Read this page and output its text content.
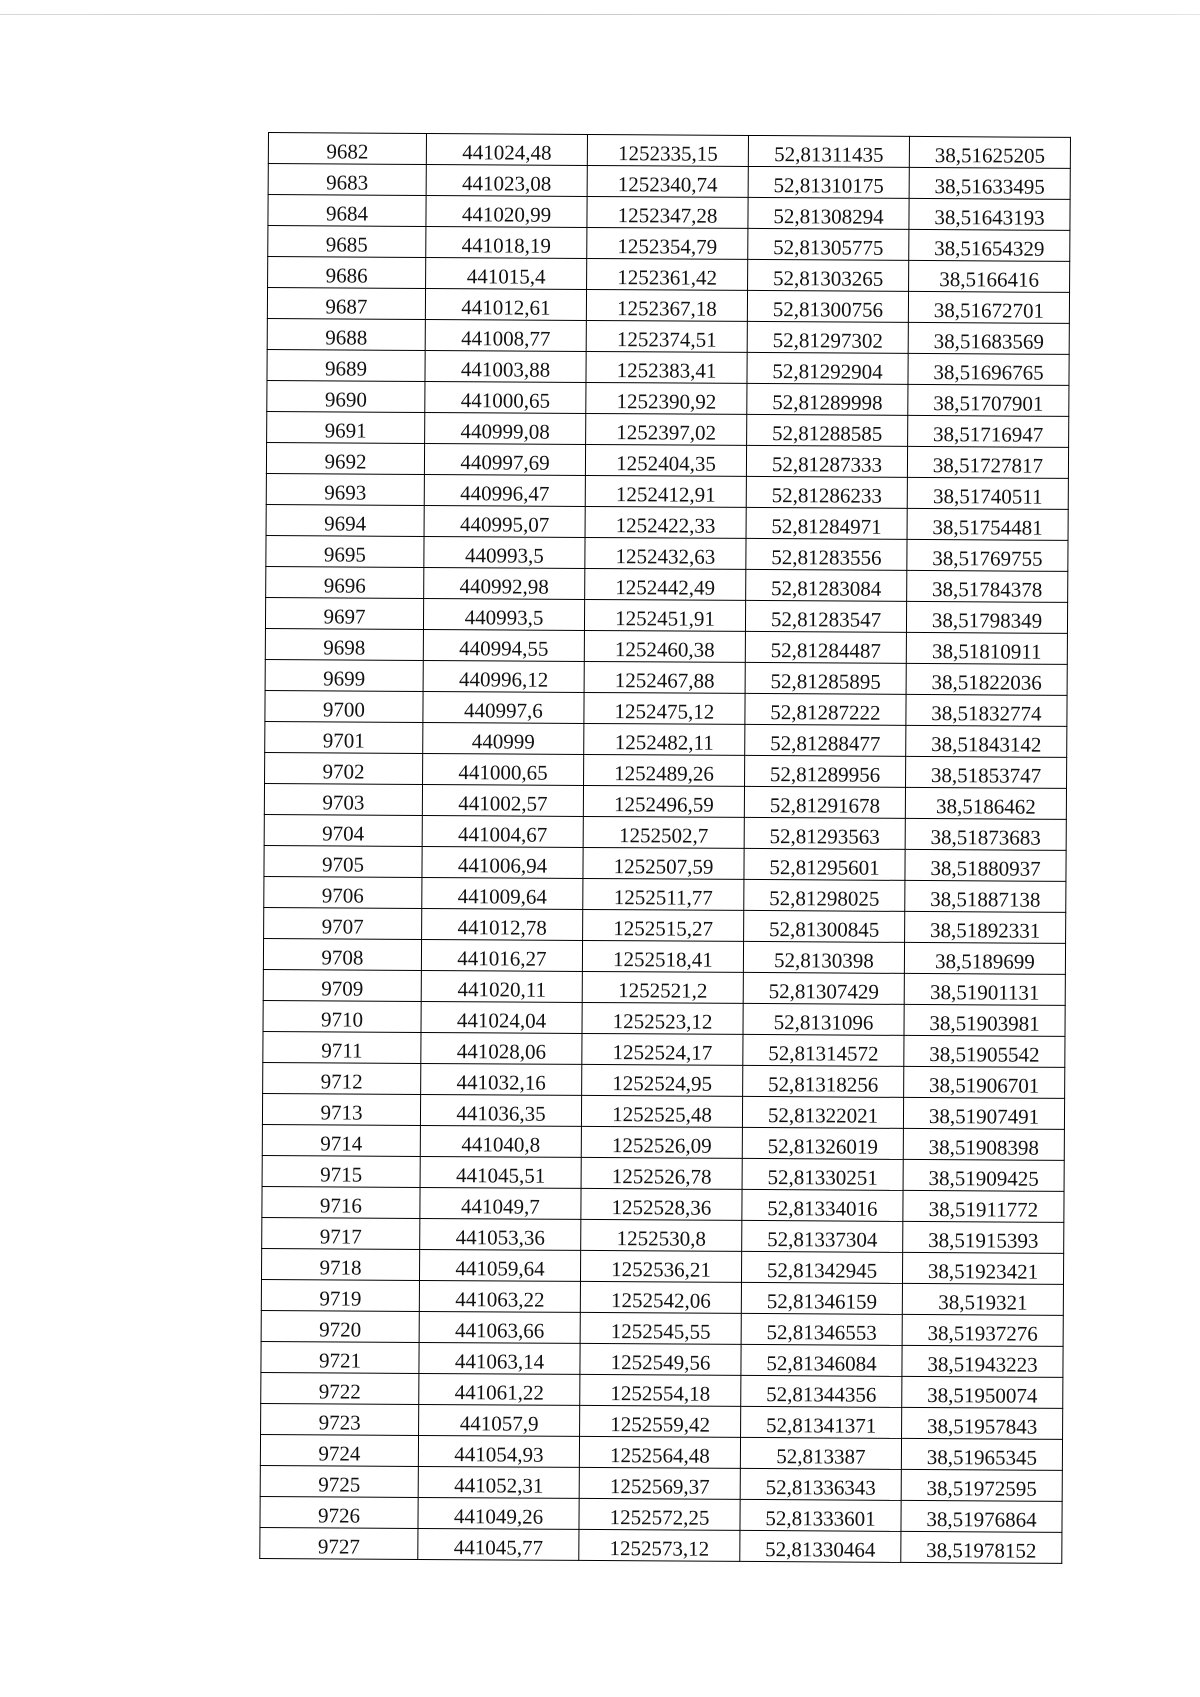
9682	441024,48	1252335,15	52,81311435	38,51625205
9683	441023,08	1252340,74	52,81310175	38,51633495
9684	441020,99	1252347,28	52,81308294	38,51643193
9685	441018,19	1252354,79	52,81305775	38,51654329
9686	441015,4	1252361,42	52,81303265	38,5166416
9687	441012,61	1252367,18	52,81300756	38,51672701
9688	441008,77	1252374,51	52,81297302	38,51683569
9689	441003,88	1252383,41	52,81292904	38,51696765
9690	441000,65	1252390,92	52,81289998	38,51707901
9691	440999,08	1252397,02	52,81288585	38,51716947
9692	440997,69	1252404,35	52,81287333	38,51727817
9693	440996,47	1252412,91	52,81286233	38,51740511
9694	440995,07	1252422,33	52,81284971	38,51754481
9695	440993,5	1252432,63	52,81283556	38,51769755
9696	440992,98	1252442,49	52,81283084	38,51784378
9697	440993,5	1252451,91	52,81283547	38,51798349
9698	440994,55	1252460,38	52,81284487	38,51810911
9699	440996,12	1252467,88	52,81285895	38,51822036
9700	440997,6	1252475,12	52,81287222	38,51832774
9701	440999	1252482,11	52,81288477	38,51843142
9702	441000,65	1252489,26	52,81289956	38,51853747
9703	441002,57	1252496,59	52,81291678	38,5186462
9704	441004,67	1252502,7	52,81293563	38,51873683
9705	441006,94	1252507,59	52,81295601	38,51880937
9706	441009,64	1252511,77	52,81298025	38,51887138
9707	441012,78	1252515,27	52,81300845	38,51892331
9708	441016,27	1252518,41	52,8130398	38,5189699
9709	441020,11	1252521,2	52,81307429	38,51901131
9710	441024,04	1252523,12	52,8131096	38,51903981
9711	441028,06	1252524,17	52,81314572	38,51905542
9712	441032,16	1252524,95	52,81318256	38,51906701
9713	441036,35	1252525,48	52,81322021	38,51907491
9714	441040,8	1252526,09	52,81326019	38,51908398
9715	441045,51	1252526,78	52,81330251	38,51909425
9716	441049,7	1252528,36	52,81334016	38,51911772
9717	441053,36	1252530,8	52,81337304	38,51915393
9718	441059,64	1252536,21	52,81342945	38,51923421
9719	441063,22	1252542,06	52,81346159	38,519321
9720	441063,66	1252545,55	52,81346553	38,51937276
9721	441063,14	1252549,56	52,81346084	38,51943223
9722	441061,22	1252554,18	52,81344356	38,51950074
9723	441057,9	1252559,42	52,81341371	38,51957843
9724	441054,93	1252564,48	52,813387	38,51965345
9725	441052,31	1252569,37	52,81336343	38,51972595
9726	441049,26	1252572,25	52,81333601	38,51976864
9727	441045,77	1252573,12	52,81330464	38,51978152
